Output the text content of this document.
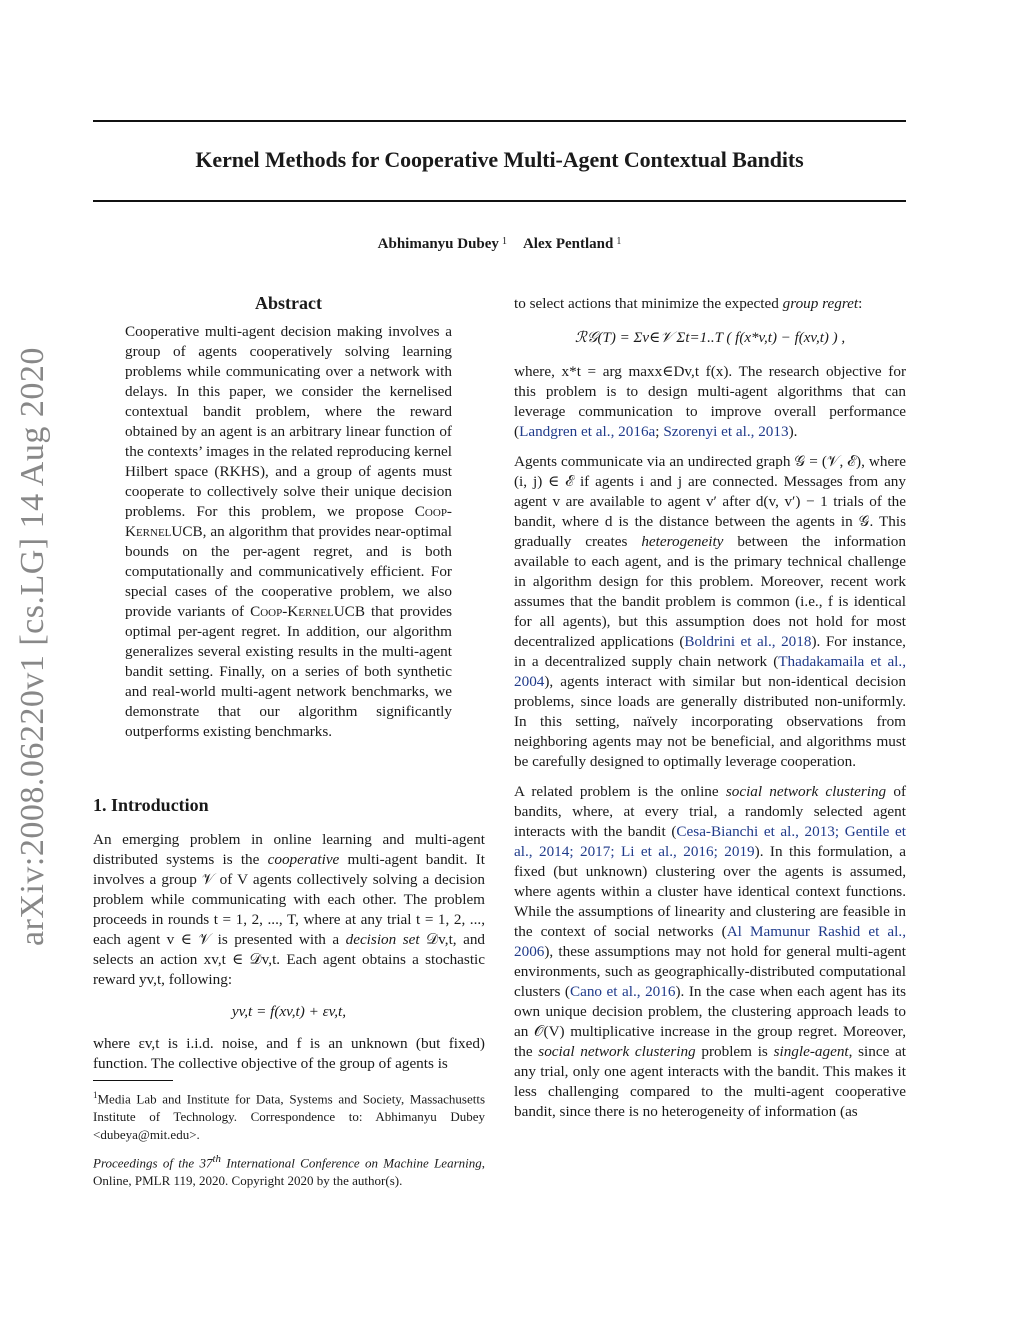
Kernel Methods for Cooperative Multi-Agent Contextual Bandits
Abhimanyu Dubey $^1$ Alex Pentland $^1$
arXiv:2008.06220v1 [cs.LG] 14 Aug 2020
Abstract

Cooperative multi-agent decision making involves a group of agents cooperatively solving learning problems while communicating over a network with delays. In this paper, we consider the kernelised contextual bandit problem, where the reward obtained by an agent is an arbitrary linear function of the contexts’ images in the related reproducing kernel Hilbert space (RKHS), and a group of agents must cooperate to collectively solve their unique decision problems. For this problem, we propose Coop-KernelUCB, an algorithm that provides near-optimal bounds on the per-agent regret, and is both computationally and communicatively efficient. For special cases of the cooperative problem, we also provide variants of Coop-KernelUCB that provides optimal per-agent regret. In addition, our algorithm generalizes several existing results in the multi-agent bandit setting. Finally, on a series of both synthetic and real-world multi-agent network benchmarks, we demonstrate that our algorithm significantly outperforms existing benchmarks.

1. Introduction

An emerging problem in online learning and multi-agent distributed systems is the cooperative multi-agent bandit. It involves a group 𝒱 of V agents collectively solving a decision problem while communicating with each other. The problem proceeds in rounds t = 1, 2, ..., T, where at any trial t = 1, 2, ..., each agent v ∈ 𝒱 is presented with a decision set 𝒟v,t, and selects an action xv,t ∈ 𝒟v,t. Each agent obtains a stochastic reward yv,t, following:

yv,t = f(xv,t) + εv,t,

where εv,t is i.i.d. noise, and f is an unknown (but fixed) function. The collective objective of the group of agents is

$^1$Media Lab and Institute for Data, Systems and Society, Massachusetts Institute of Technology. Correspondence to: Abhimanyu Dubey <dubeya@mit.edu>.
Proceedings of the 37th International Conference on Machine Learning, Online, PMLR 119, 2020. Copyright 2020 by the author(s).

to select actions that minimize the expected group regret:

ℛ𝒢(T) = Σv∈𝒱 Σt=1..T ( f(x*v,t) − f(xv,t) ) ,

where, x*t = arg maxx∈Dv,t f(x). The research objective for this problem is to design multi-agent algorithms that can leverage communication to improve overall performance (Landgren et al., 2016a; Szorenyi et al., 2013).

Agents communicate via an undirected graph 𝒢 = (𝒱, ℰ), where (i, j) ∈ ℰ if agents i and j are connected. Messages from any agent v are available to agent v′ after d(v, v′) − 1 trials of the bandit, where d is the distance between the agents in 𝒢. This gradually creates heterogeneity between the information available to each agent, and is the primary technical challenge in algorithm design for this problem. Moreover, recent work assumes that the bandit problem is common (i.e., f is identical for all agents), but this assumption does not hold for most decentralized applications (Boldrini et al., 2018). For instance, in a decentralized supply chain network (Thadakamaila et al., 2004), agents interact with similar but non-identical decision problems, since loads are generally distributed non-uniformly. In this setting, naïvely incorporating observations from neighboring agents may not be beneficial, and algorithms must be carefully designed to optimally leverage cooperation.

A related problem is the online social network clustering of bandits, where, at every trial, a randomly selected agent interacts with the bandit (Cesa-Bianchi et al., 2013; Gentile et al., 2014; 2017; Li et al., 2016; 2019). In this formulation, a fixed (but unknown) clustering over the agents is assumed, where agents within a cluster have identical context functions. While the assumptions of linearity and clustering are feasible in the context of social networks (Al Mamunur Rashid et al., 2006), these assumptions may not hold for general multi-agent environments, such as geographically-distributed computational clusters (Cano et al., 2016). In the case when each agent has its own unique decision problem, the clustering approach leads to an 𝒪(V) multiplicative increase in the group regret. Moreover, the social network clustering problem is single-agent, since at any trial, only one agent interacts with the bandit. This makes it less challenging compared to the multi-agent cooperative bandit, since there is no heterogeneity of information (as
